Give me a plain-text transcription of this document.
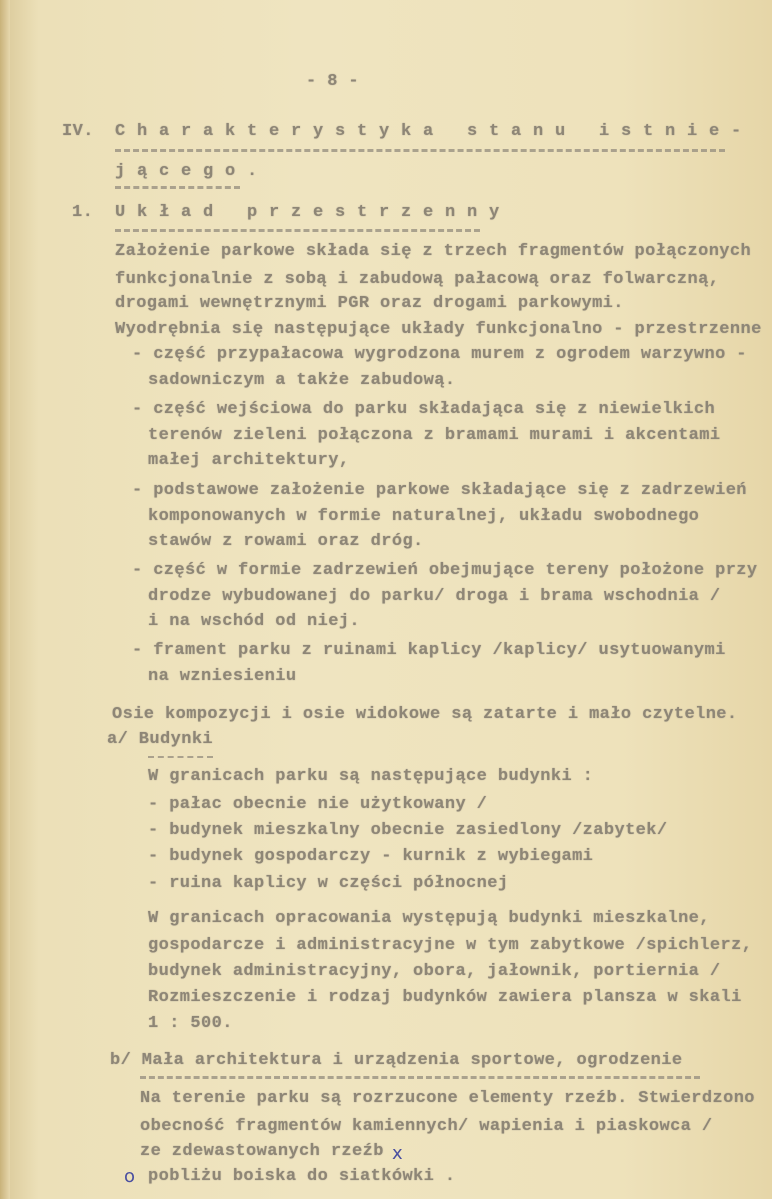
- 8 -
IV. Charakterystyka stanu istnie-
jącego.
1. Układ przestrzenny
x
o
Założenie parkowe składa się z trzech fragmentów połączonych
funkcjonalnie z sobą i zabudową pałacową oraz folwarczną,
drogami wewnętrznymi PGR oraz drogami parkowymi.
Wyodrębnia się następujące układy funkcjonalno - przestrzenne
- część przypałacowa wygrodzona murem z ogrodem warzywno -
sadowniczym a także zabudową.
- część wejściowa do parku składająca się z niewielkich
terenów zieleni połączona z bramami murami i akcentami
małej architektury,
- podstawowe założenie parkowe składające się z zadrzewień
komponowanych w formie naturalnej, układu swobodnego
stawów z rowami oraz dróg.
- część w formie zadrzewień obejmujące tereny położone przy
drodze wybudowanej do parku/ droga i brama wschodnia /
i na wschód od niej.
- frament parku z ruinami kaplicy /kaplicy/ usytuowanymi
na wzniesieniu
Osie kompozycji i osie widokowe są zatarte i mało czytelne.
a/ Budynki
W granicach parku są następujące budynki :
- pałac obecnie nie użytkowany /
- budynek mieszkalny obecnie zasiedlony /zabytek/
- budynek gospodarczy - kurnik z wybiegami
- ruina kaplicy w części północnej
W granicach opracowania występują budynki mieszkalne,
gospodarcze i administracyjne w tym zabytkowe /spichlerz,
budynek administracyjny, obora, jałownik, portiernia /
Rozmieszczenie i rodzaj budynków zawiera plansza w skali
1 : 500.
b/ Mała architektura i urządzenia sportowe, ogrodzenie
Na terenie parku są rozrzucone elementy rzeźb. Stwierdzono
obecność fragmentów kamiennych/ wapienia i piaskowca /
ze zdewastowanych rzeźb
pobliżu boiska do siatkówki .
